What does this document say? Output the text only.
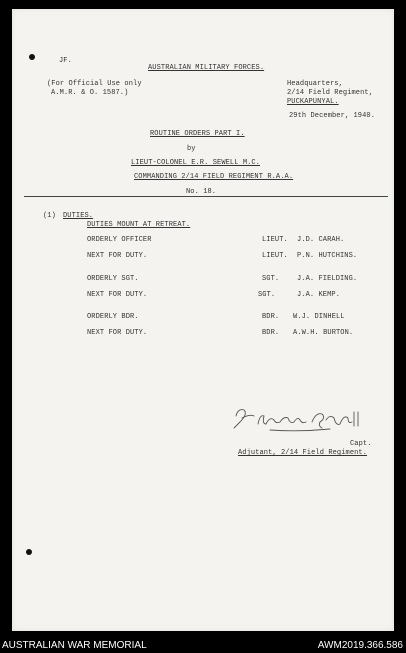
JF.
AUSTRALIAN MILITARY FORCES.
(For Official Use only
A.M.R. & O. 1587.)
Headquarters,
2/14 Field Regiment,
PUCKAPUNYAL.
29th December, 1940.
ROUTINE ORDERS PART I.
by
LIEUT-COLONEL E.R. SEWELL M.C.
COMMANDING 2/14 FIELD REGIMENT R.A.A.
No. 18.
(1) DUTIES.
DUTIES MOUNT AT RETREAT.
ORDERLY OFFICER	LIEUT. J.D. CARAH.
NEXT FOR DUTY.	LIEUT. P.N. HUTCHINS.
ORDERLY SGT.	SGT.	J.A. FIELDING.
NEXT FOR DUTY.	SGT.	J.A. KEMP.
ORDERLY BDR.	BDR. W.J. DINHELL
NEXT FOR DUTY.	BDR. A.W.H. BURTON.
Capt.
Adjutant, 2/14 Field Regiment.
AUSTRALIAN WAR MEMORIAL	AWM2019.366.586
